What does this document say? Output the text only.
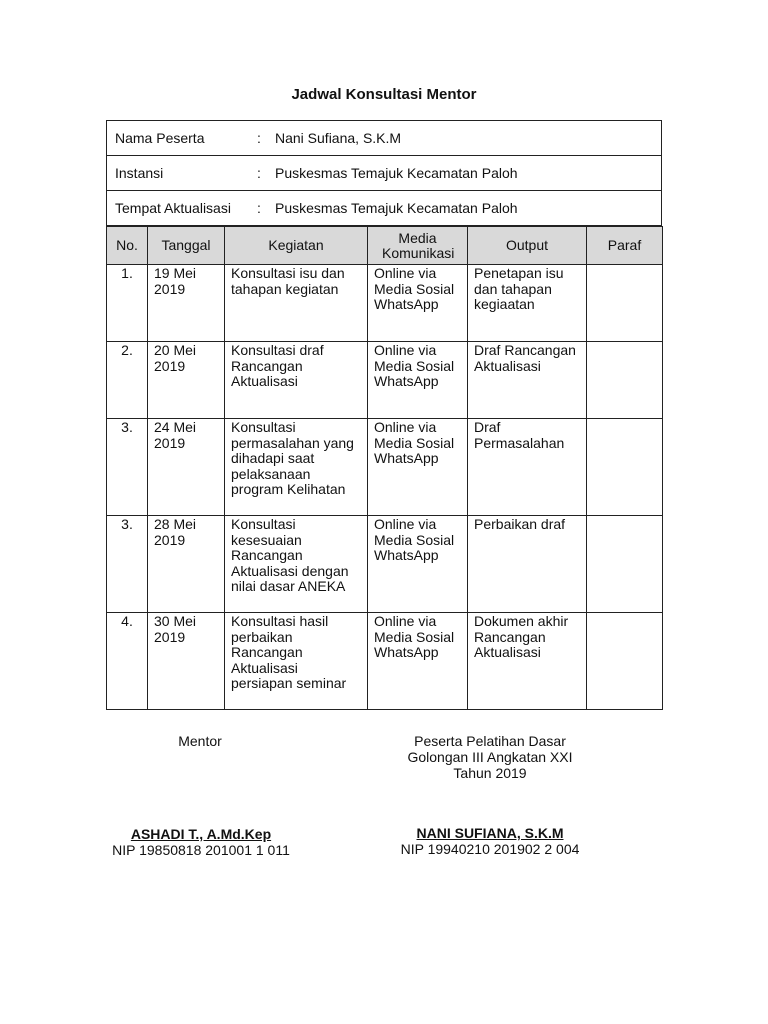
Jadwal Konsultasi Mentor
Nama Peserta	:	Nani Sufiana, S.K.M
Instansi	:	Puskesmas Temajuk Kecamatan Paloh
Tempat Aktualisasi	:	Puskesmas Temajuk Kecamatan Paloh
No.	Tanggal	Kegiatan	Media Komunikasi	Output	Paraf
1.	19 Mei 2019	Konsultasi isu dan tahapan kegiatan	Online via Media Sosial WhatsApp	Penetapan isu dan tahapan kegiaatan	
2.	20 Mei 2019	Konsultasi draf Rancangan Aktualisasi	Online via Media Sosial WhatsApp	Draf Rancangan Aktualisasi	
3.	24 Mei 2019	Konsultasi permasalahan yang dihadapi saat pelaksanaan program Kelihatan	Online via Media Sosial WhatsApp	Draf Permasalahan	
3.	28 Mei 2019	Konsultasi kesesuaian Rancangan Aktualisasi dengan nilai dasar ANEKA	Online via Media Sosial WhatsApp	Perbaikan draf	
4.	30 Mei 2019	Konsultasi hasil perbaikan Rancangan Aktualisasi persiapan seminar	Online via Media Sosial WhatsApp	Dokumen akhir Rancangan Aktualisasi	
Mentor	Peserta Pelatihan Dasar
Golongan III Angkatan XXI
Tahun 2019
ASHADI T., A.Md.Kep
NIP 19850818 201001 1 011
NANI SUFIANA, S.K.M
NIP 19940210 201902 2 004
